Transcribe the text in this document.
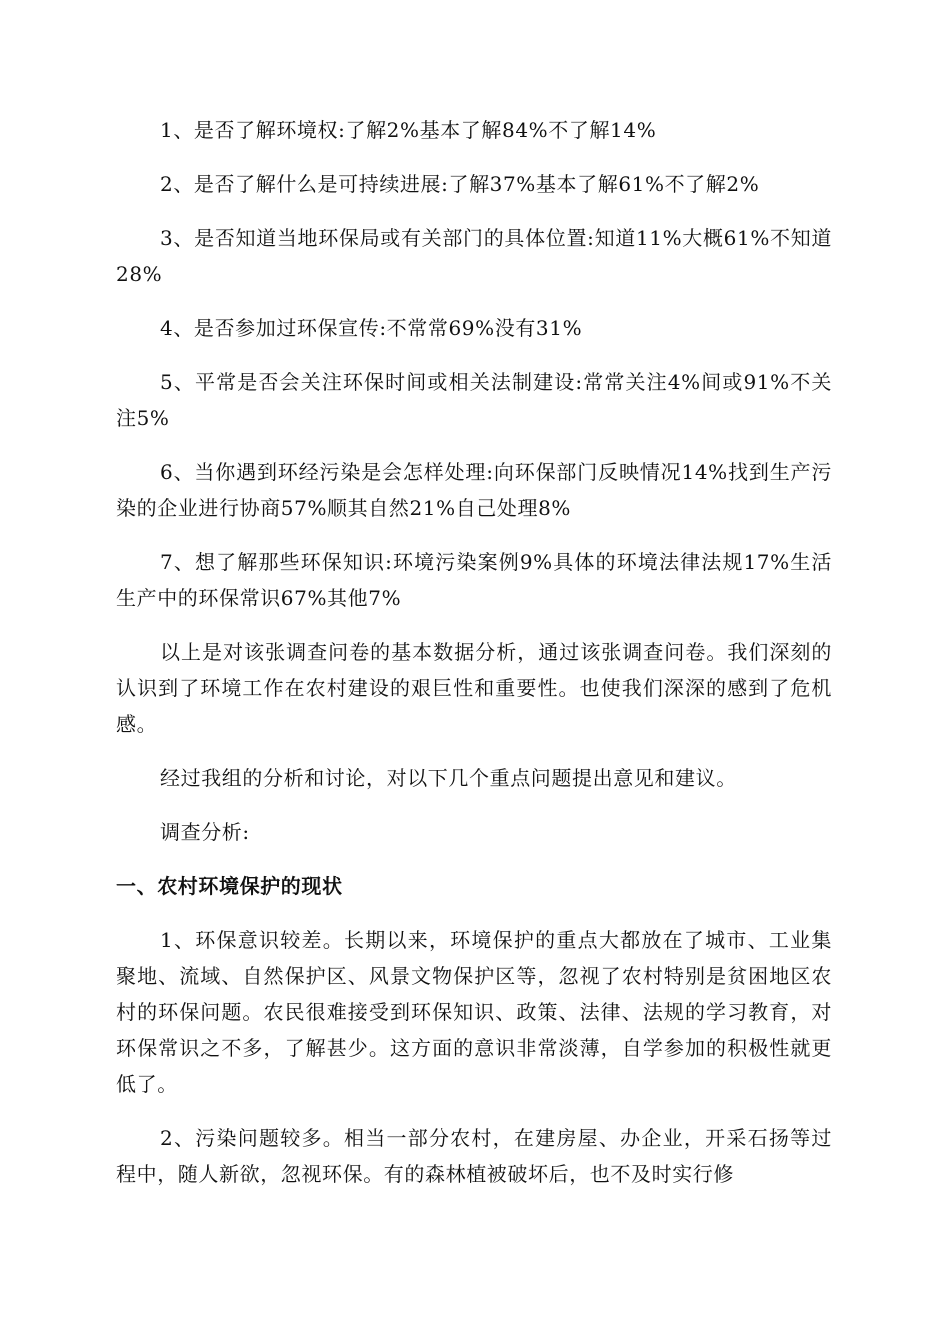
1、是否了解环境权:了解2%基本了解84%不了解14%

2、是否了解什么是可持续进展:了解37%基本了解61%不了解2%

3、是否知道当地环保局或有关部门的具体位置:知道11%大概61%不知道28%

4、是否参加过环保宣传:不常常69%没有31%

5、平常是否会关注环保时间或相关法制建设:常常关注4%间或91%不关注5%

6、当你遇到环经污染是会怎样处理:向环保部门反映情况14%找到生产污染的企业进行协商57%顺其自然21%自己处理8%

7、想了解那些环保知识:环境污染案例9%具体的环境法律法规17%生活生产中的环保常识67%其他7%

以上是对该张调查问卷的基本数据分析，通过该张调查问卷。我们深刻的认识到了环境工作在农村建设的艰巨性和重要性。也使我们深深的感到了危机感。

经过我组的分析和讨论，对以下几个重点问题提出意见和建议。

调查分析:

一、农村环境保护的现状

1、环保意识较差。长期以来，环境保护的重点大都放在了城市、工业集聚地、流域、自然保护区、风景文物保护区等，忽视了农村特别是贫困地区农村的环保问题。农民很难接受到环保知识、政策、法律、法规的学习教育，对环保常识之不多，了解甚少。这方面的意识非常淡薄，自学参加的积极性就更低了。

2、污染问题较多。相当一部分农村，在建房屋、办企业，开采石扬等过程中，随人新欲，忽视环保。有的森林植被破坏后，也不及时实行修
